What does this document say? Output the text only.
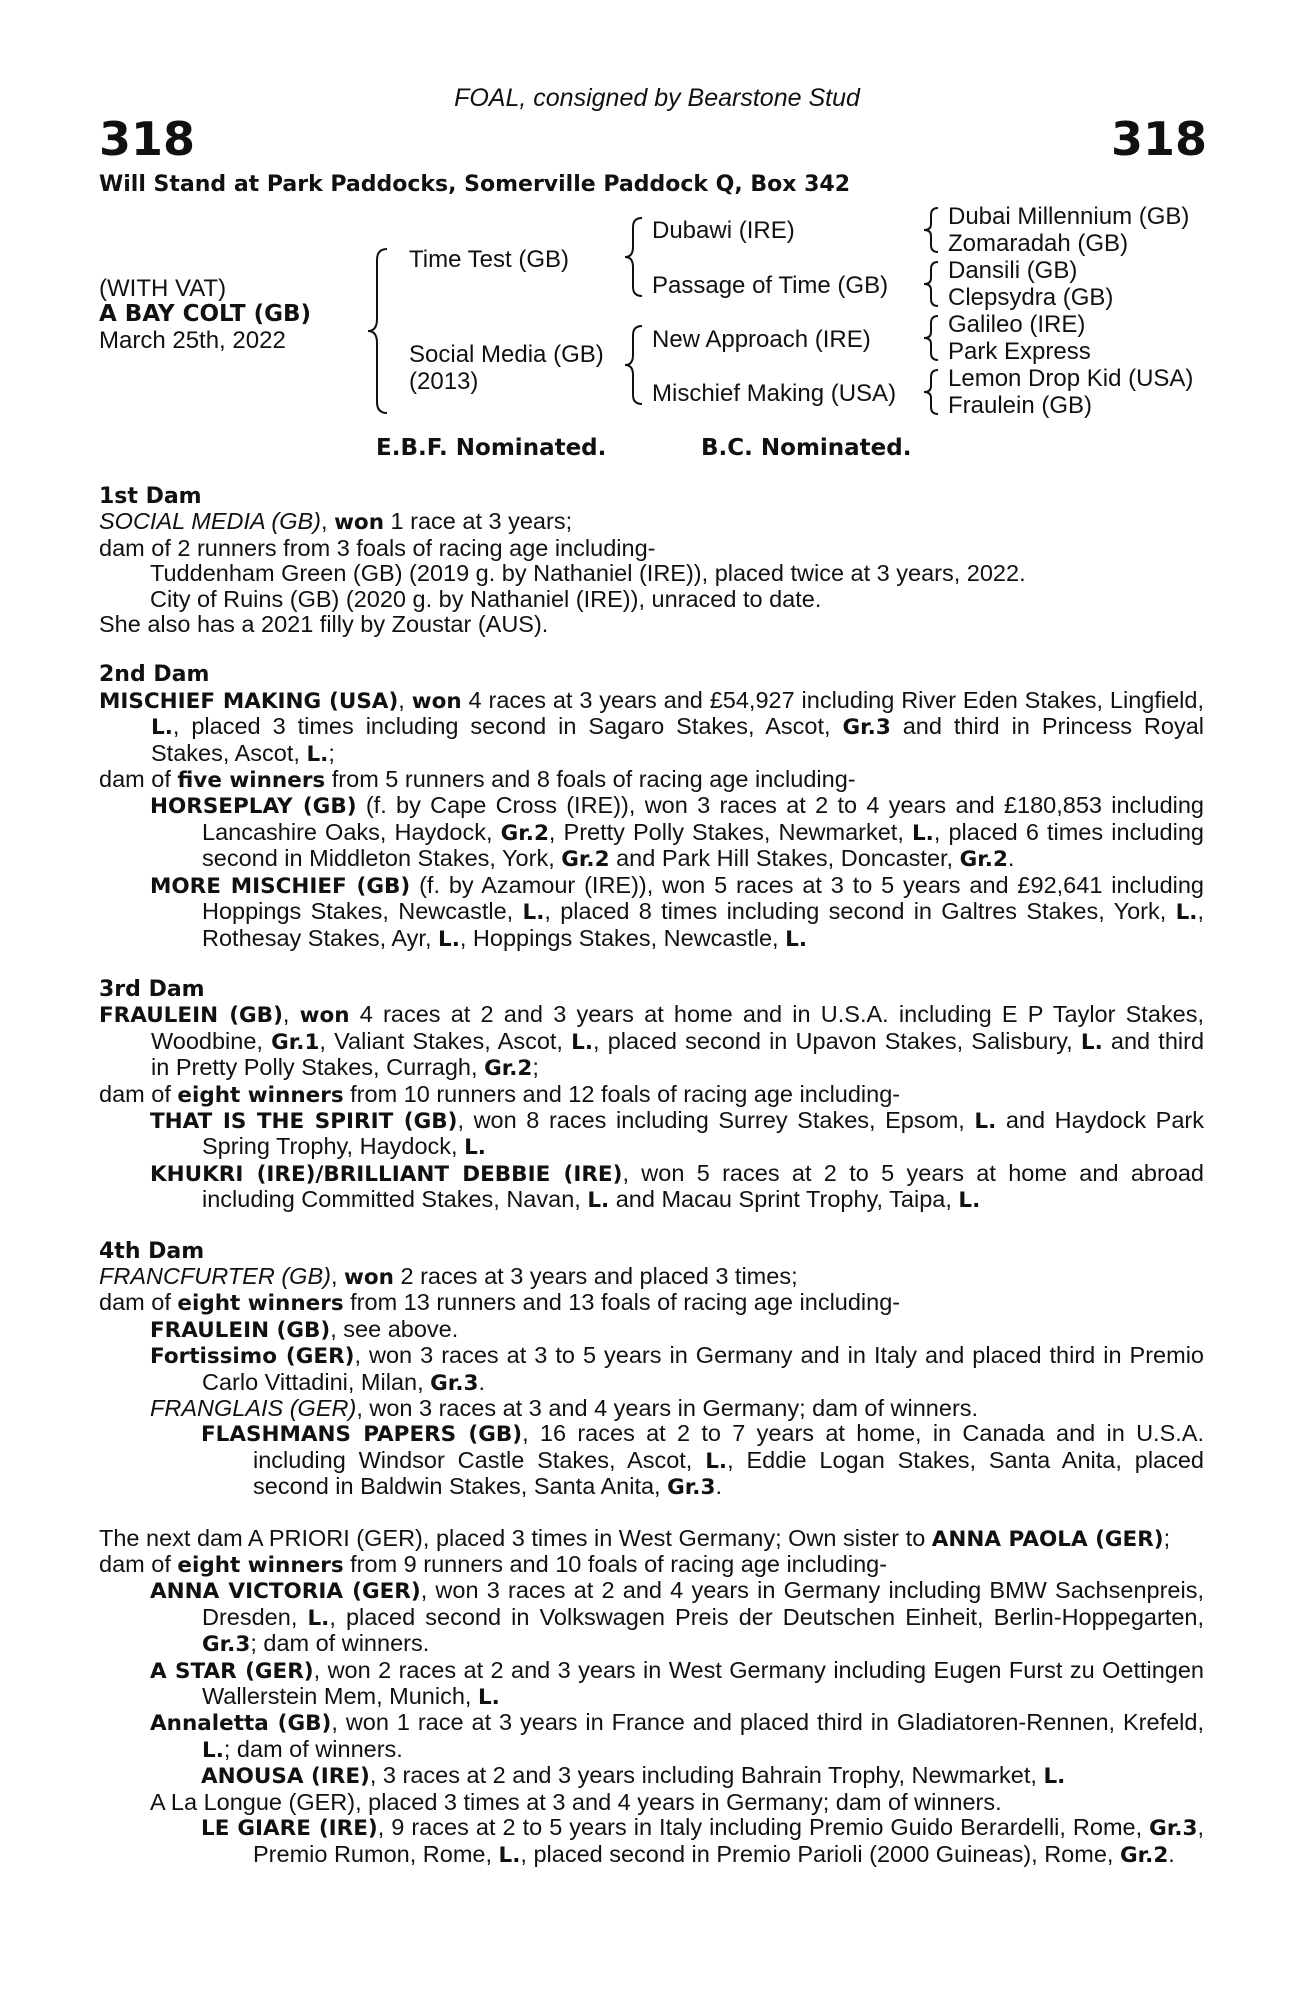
FOAL, consigned by Bearstone Stud
318	318
Will Stand at Park Paddocks, Somerville Paddock Q, Box 342
(WITH VAT)
A BAY COLT (GB)
March 25th, 2022
Time Test (GB)
Social Media (GB)
(2013)
Dubawi (IRE)
Passage of Time (GB)
New Approach (IRE)
Mischief Making (USA)
Dubai Millennium (GB)
Zomaradah (GB)
Dansili (GB)
Clepsydra (GB)
Galileo (IRE)
Park Express
Lemon Drop Kid (USA)
Fraulein (GB)
E.B.F. Nominated.	B.C. Nominated.
1st Dam
SOCIAL MEDIA (GB), won 1 race at 3 years;
dam of 2 runners from 3 foals of racing age including-
Tuddenham Green (GB) (2019 g. by Nathaniel (IRE)), placed twice at 3 years, 2022.
City of Ruins (GB) (2020 g. by Nathaniel (IRE)), unraced to date.
She also has a 2021 filly by Zoustar (AUS).
2nd Dam
MISCHIEF MAKING (USA), won 4 races at 3 years and £54,927 including River Eden Stakes, Lingfield, L., placed 3 times including second in Sagaro Stakes, Ascot, Gr.3 and third in Princess Royal Stakes, Ascot, L.;
dam of five winners from 5 runners and 8 foals of racing age including-
HORSEPLAY (GB) (f. by Cape Cross (IRE)), won 3 races at 2 to 4 years and £180,853 including Lancashire Oaks, Haydock, Gr.2, Pretty Polly Stakes, Newmarket, L., placed 6 times including second in Middleton Stakes, York, Gr.2 and Park Hill Stakes, Doncaster, Gr.2.
MORE MISCHIEF (GB) (f. by Azamour (IRE)), won 5 races at 3 to 5 years and £92,641 including Hoppings Stakes, Newcastle, L., placed 8 times including second in Galtres Stakes, York, L., Rothesay Stakes, Ayr, L., Hoppings Stakes, Newcastle, L.
3rd Dam
FRAULEIN (GB), won 4 races at 2 and 3 years at home and in U.S.A. including E P Taylor Stakes, Woodbine, Gr.1, Valiant Stakes, Ascot, L., placed second in Upavon Stakes, Salisbury, L. and third in Pretty Polly Stakes, Curragh, Gr.2;
dam of eight winners from 10 runners and 12 foals of racing age including-
THAT IS THE SPIRIT (GB), won 8 races including Surrey Stakes, Epsom, L. and Haydock Park Spring Trophy, Haydock, L.
KHUKRI (IRE)/BRILLIANT DEBBIE (IRE), won 5 races at 2 to 5 years at home and abroad including Committed Stakes, Navan, L. and Macau Sprint Trophy, Taipa, L.
4th Dam
FRANCFURTER (GB), won 2 races at 3 years and placed 3 times;
dam of eight winners from 13 runners and 13 foals of racing age including-
FRAULEIN (GB), see above.
Fortissimo (GER), won 3 races at 3 to 5 years in Germany and in Italy and placed third in Premio Carlo Vittadini, Milan, Gr.3.
FRANGLAIS (GER), won 3 races at 3 and 4 years in Germany; dam of winners.
FLASHMANS PAPERS (GB), 16 races at 2 to 7 years at home, in Canada and in U.S.A. including Windsor Castle Stakes, Ascot, L., Eddie Logan Stakes, Santa Anita, placed second in Baldwin Stakes, Santa Anita, Gr.3.
The next dam A PRIORI (GER), placed 3 times in West Germany; Own sister to ANNA PAOLA (GER);
dam of eight winners from 9 runners and 10 foals of racing age including-
ANNA VICTORIA (GER), won 3 races at 2 and 4 years in Germany including BMW Sachsenpreis, Dresden, L., placed second in Volkswagen Preis der Deutschen Einheit, Berlin-Hoppegarten, Gr.3; dam of winners.
A STAR (GER), won 2 races at 2 and 3 years in West Germany including Eugen Furst zu Oettingen Wallerstein Mem, Munich, L.
Annaletta (GB), won 1 race at 3 years in France and placed third in Gladiatoren-Rennen, Krefeld, L.; dam of winners.
ANOUSA (IRE), 3 races at 2 and 3 years including Bahrain Trophy, Newmarket, L.
A La Longue (GER), placed 3 times at 3 and 4 years in Germany; dam of winners.
LE GIARE (IRE), 9 races at 2 to 5 years in Italy including Premio Guido Berardelli, Rome, Gr.3, Premio Rumon, Rome, L., placed second in Premio Parioli (2000 Guineas), Rome, Gr.2.
